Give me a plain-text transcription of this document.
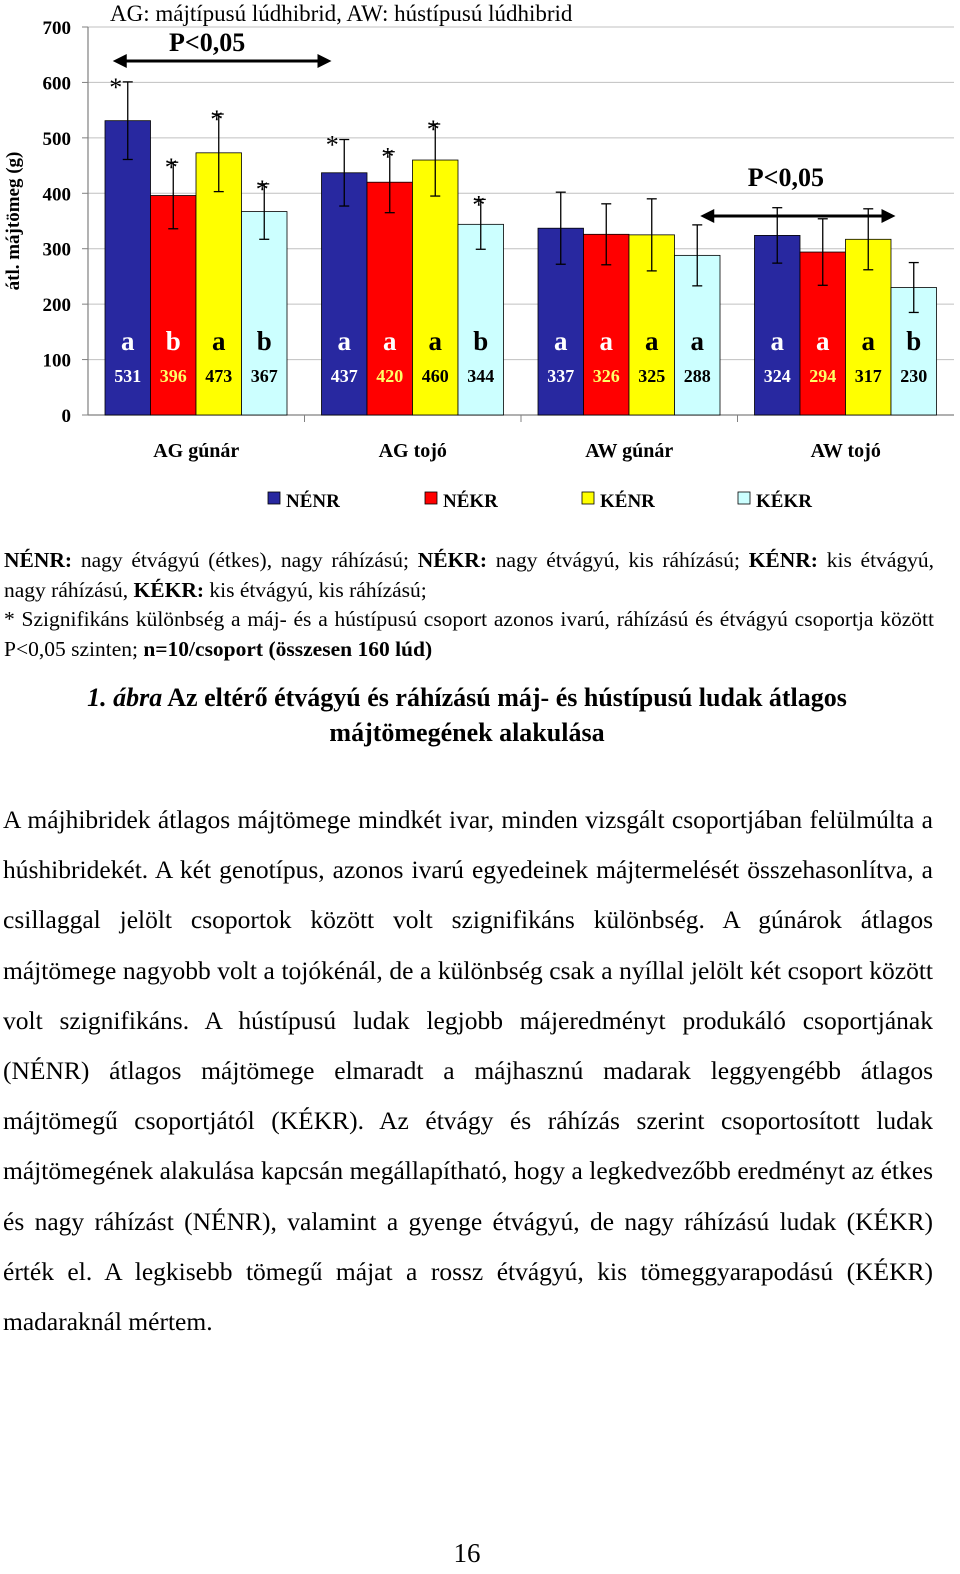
0
100
200
300
400
500
600
700
átl. májtömeg (g)
AG: májtípusú lúdhibrid, AW: hústípusú lúdhibrid
AG gúnár	AG tojó	AW gúnár	AW tojó
a
531
*
a
437
*
a
337
a
324
b
396
*
a
420
*
a
326
a
294
a
473
*
a
460
*
a
325
a
317
b
367
*
b
344
*
a
288
b
230
P<0,05
P<0,05
NÉNR	NÉKR	KÉNR	KÉKR
NÉNR: nagy étvágyú (étkes), nagy ráhízású; NÉKR: nagy étvágyú, kis ráhízású; KÉNR: kis étvágyú, nagy ráhízású, KÉKR: kis étvágyú, kis ráhízású;
* Szignifikáns különbség a máj- és a hústípusú csoport azonos ivarú, ráhízású és étvágyú csoportja között P<0,05 szinten; n=10/csoport (összesen 160 lúd)
1. ábra Az eltérő étvágyú és ráhízású máj- és hústípusú ludak átlagos
májtömegének alakulása

A májhibridek átlagos májtömege mindkét ivar, minden vizsgált csoportjában felülmúlta a húshibridekét. A két genotípus, azonos ivarú egyedeinek májtermelését összehasonlítva, a csillaggal jelölt csoportok között volt szignifikáns különbség. A gúnárok átlagos májtömege nagyobb volt a tojókénál, de a különbség csak a nyíllal jelölt két csoport között volt szignifikáns. A hústípusú ludak legjobb májeredményt produkáló csoportjának (NÉNR) átlagos májtömege elmaradt a májhasznú madarak leggyengébb átlagos májtömegű csoportjától (KÉKR). Az étvágy és ráhízás szerint csoportosított ludak májtömegének alakulása kapcsán megállapítható, hogy a legkedvezőbb eredményt az étkes és nagy ráhízást (NÉNR), valamint a gyenge étvágyú, de nagy ráhízású ludak (KÉKR) érték el. A legkisebb tömegű májat a rossz étvágyú, kis tömeggyarapodású (KÉKR) madaraknál mértem.

16
